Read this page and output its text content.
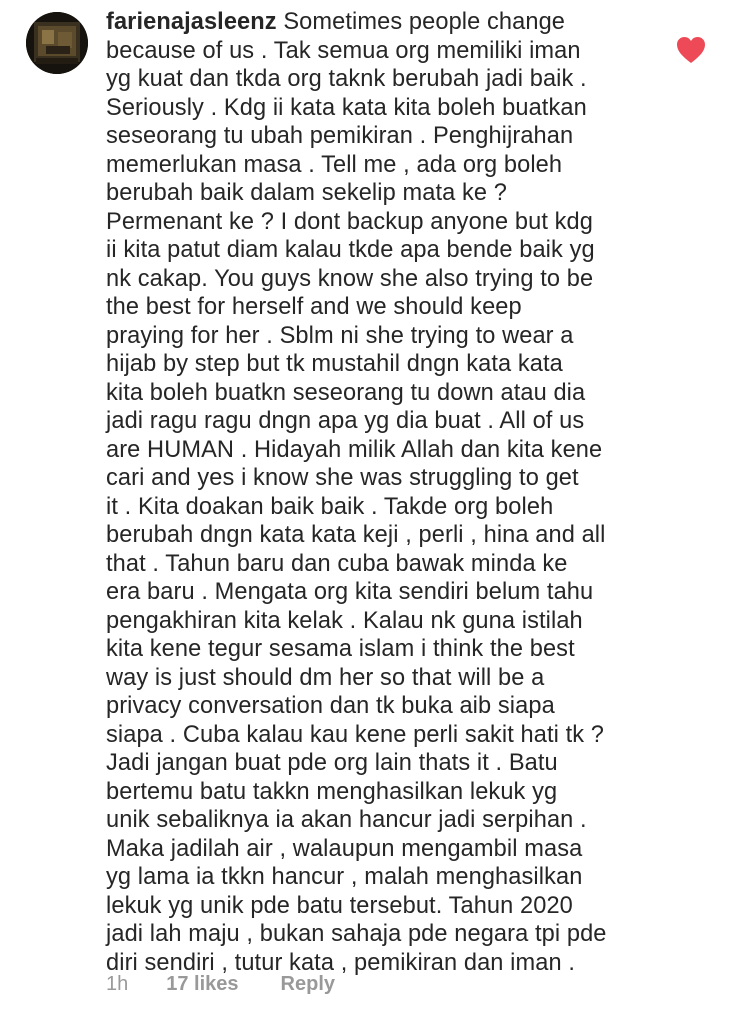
farienajasleenz Sometimes people change
because of us . Tak semua org memiliki iman
yg kuat dan tkda org taknk berubah jadi baik .
Seriously . Kdg ii kata kata kita boleh buatkan
seseorang tu ubah pemikiran . Penghijrahan
memerlukan masa . Tell me , ada org boleh
berubah baik dalam sekelip mata ke ?
Permenant ke ? I dont backup anyone but kdg
ii kita patut diam kalau tkde apa bende baik yg
nk cakap. You guys know she also trying to be
the best for herself and we should keep
praying for her . Sblm ni she trying to wear a
hijab by step but tk mustahil dngn kata kata
kita boleh buatkn seseorang tu down atau dia
jadi ragu ragu dngn apa yg dia buat . All of us
are HUMAN . Hidayah milik Allah dan kita kene
cari and yes i know she was struggling to get
it . Kita doakan baik baik . Takde org boleh
berubah dngn kata kata keji , perli , hina and all
that . Tahun baru dan cuba bawak minda ke
era baru . Mengata org kita sendiri belum tahu
pengakhiran kita kelak . Kalau nk guna istilah
kita kene tegur sesama islam i think the best
way is just should dm her so that will be a
privacy conversation dan tk buka aib siapa
siapa . Cuba kalau kau kene perli sakit hati tk ?
Jadi jangan buat pde org lain thats it . Batu
bertemu batu takkn menghasilkan lekuk yg
unik sebaliknya ia akan hancur jadi serpihan .
Maka jadilah air , walaupun mengambil masa
yg lama ia tkkn hancur , malah menghasilkan
lekuk yg unik pde batu tersebut. Tahun 2020
jadi lah maju , bukan sahaja pde negara tpi pde
diri sendiri , tutur kata , pemikiran dan iman .
1h 17 likes Reply
